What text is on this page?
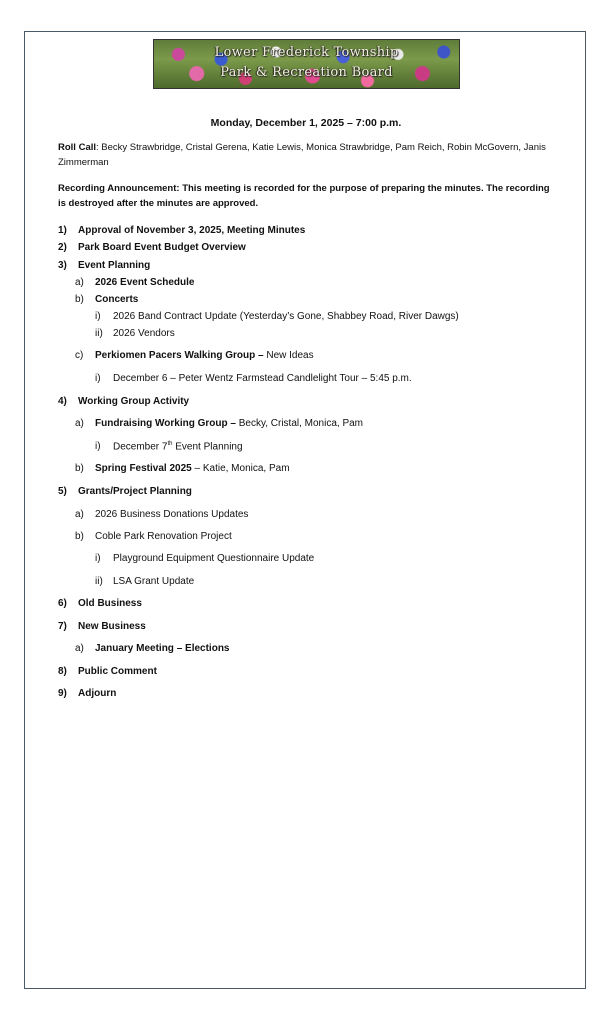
Lower Frederick Township
Park & Recreation Board
Monday, December 1, 2025 – 7:00 p.m.
Roll Call: Becky Strawbridge, Cristal Gerena, Katie Lewis, Monica Strawbridge, Pam Reich, Robin McGovern, Janis Zimmerman
Recording Announcement: This meeting is recorded for the purpose of preparing the minutes. The recording is destroyed after the minutes are approved.
1) Approval of November 3, 2025, Meeting Minutes
2) Park Board Event Budget Overview
3) Event Planning
a) 2026 Event Schedule
b) Concerts
i) 2026 Band Contract Update (Yesterday’s Gone, Shabbey Road, River Dawgs)
ii) 2026 Vendors
c) Perkiomen Pacers Walking Group – New Ideas
i) December 6 – Peter Wentz Farmstead Candlelight Tour – 5:45 p.m.
4) Working Group Activity
a) Fundraising Working Group – Becky, Cristal, Monica, Pam
i) December 7th Event Planning
b) Spring Festival 2025 – Katie, Monica, Pam
5) Grants/Project Planning
a) 2026 Business Donations Updates
b) Coble Park Renovation Project
i) Playground Equipment Questionnaire Update
ii) LSA Grant Update
6) Old Business
7) New Business
a) January Meeting – Elections
8) Public Comment
9) Adjourn
